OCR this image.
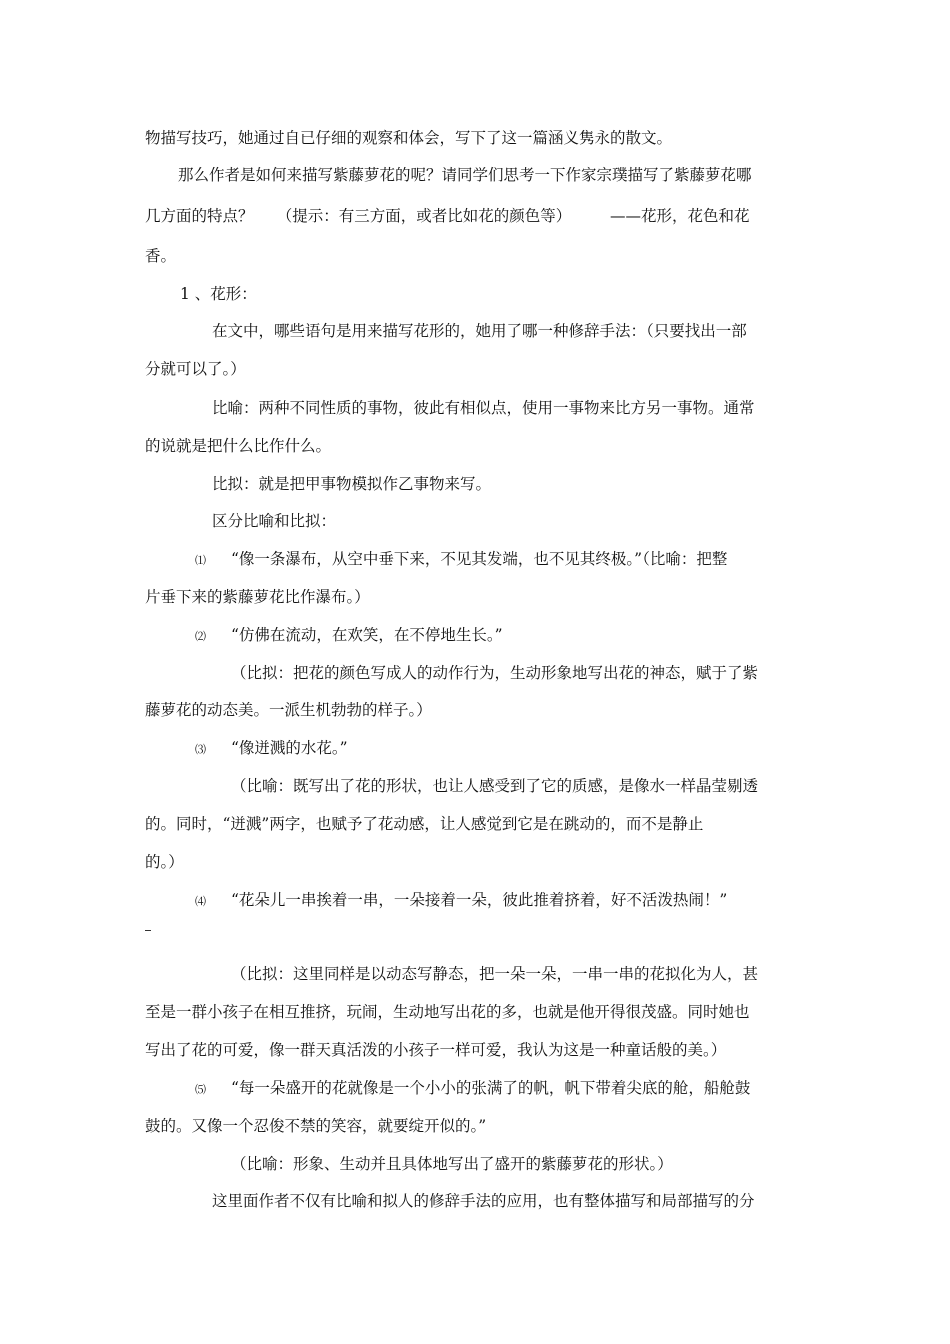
物描写技巧，她通过自已仔细的观察和体会，写下了这一篇涵义隽永的散文。
那么作者是如何来描写紫藤萝花的呢？请同学们思考一下作家宗璞描写了紫藤萝花哪
几方面的特点？　　（提示：有三方面，或者比如花的颜色等）　　　——花形，花色和花
香。
1 、花形：
在文中，哪些语句是用来描写花形的，她用了哪一种修辞手法：（只要找出一部
分就可以了。）
比喻：两种不同性质的事物，彼此有相似点，使用一事物来比方另一事物。通常
的说就是把什么比作什么。
比拟：就是把甲事物模拟作乙事物来写。
区分比喻和比拟：
⑴ “像一条瀑布，从空中垂下来，不见其发端，也不见其终极。”（比喻：把整
片垂下来的紫藤萝花比作瀑布。）
⑵ “仿佛在流动，在欢笑，在不停地生长。”
（比拟：把花的颜色写成人的动作行为，生动形象地写出花的神态，赋于了紫
藤萝花的动态美。一派生机勃勃的样子。）
⑶ “像迸溅的水花。”
（比喻：既写出了花的形状，也让人感受到了它的质感，是像水一样晶莹剔透
的。同时，“迸溅”两字，也赋予了花动感，让人感觉到它是在跳动的，而不是静止
的。）
⑷ “花朵儿一串挨着一串，一朵接着一朵，彼此推着挤着，好不活泼热闹！”
（比拟：这里同样是以动态写静态，把一朵一朵，一串一串的花拟化为人，甚
至是一群小孩子在相互推挤，玩闹，生动地写出花的多，也就是他开得很茂盛。同时她也
写出了花的可爱，像一群天真活泼的小孩子一样可爱，我认为这是一种童话般的美。）
⑸ “每一朵盛开的花就像是一个小小的张满了的帆，帆下带着尖底的舱，船舱鼓
鼓的。又像一个忍俊不禁的笑容，就要绽开似的。”
（比喻：形象、生动并且具体地写出了盛开的紫藤萝花的形状。）
这里面作者不仅有比喻和拟人的修辞手法的应用，也有整体描写和局部描写的分
